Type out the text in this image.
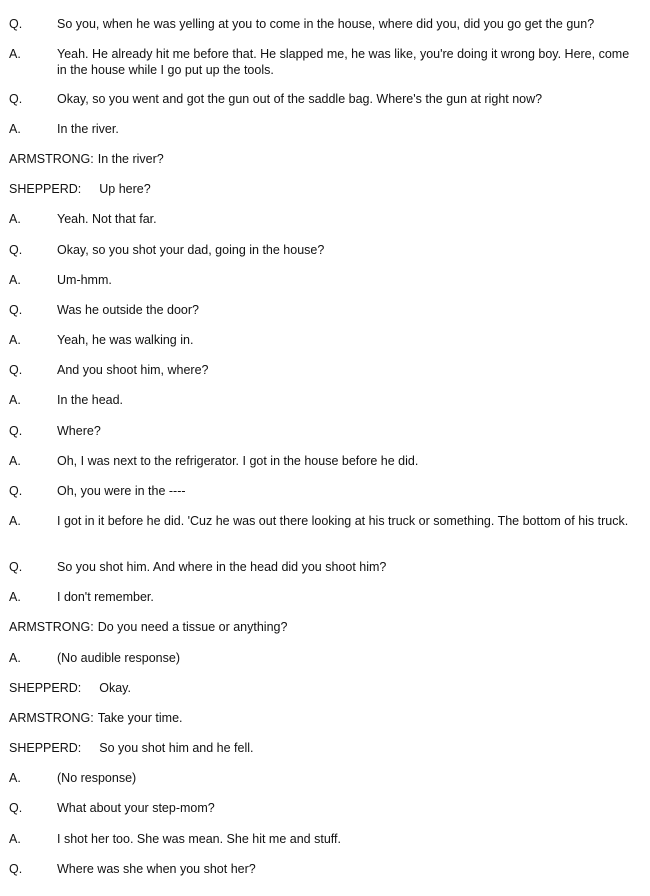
Q.	So you, when he was yelling at you to come in the house, where did you, did you go get the gun?
A.	Yeah. He already hit me before that. He slapped me, he was like, you're doing it wrong boy. Here, come in the house while I go put up the tools.
Q.	Okay, so you went and got the gun out of the saddle bag. Where's the gun at right now?
A.	In the river.
ARMSTRONG: In the river?
SHEPPERD: Up here?
A.	Yeah. Not that far.
Q.	Okay, so you shot your dad, going in the house?
A.	Um-hmm.
Q.	Was he outside the door?
A.	Yeah, he was walking in.
Q.	And you shoot him, where?
A.	In the head.
Q.	Where?
A.	Oh, I was next to the refrigerator. I got in the house before he did.
Q.	Oh, you were in the ----
A.	I got in it before he did. 'Cuz he was out there looking at his truck or something. The bottom of his truck.
Q.	So you shot him. And where in the head did you shoot him?
A.	I don't remember.
ARMSTRONG: Do you need a tissue or anything?
A.	(No audible response)
SHEPPERD: Okay.
ARMSTRONG: Take your time.
SHEPPERD: So you shot him and he fell.
A.	(No response)
Q.	What about your step-mom?
A.	I shot her too. She was mean. She hit me and stuff.
Q.	Where was she when you shot her?
